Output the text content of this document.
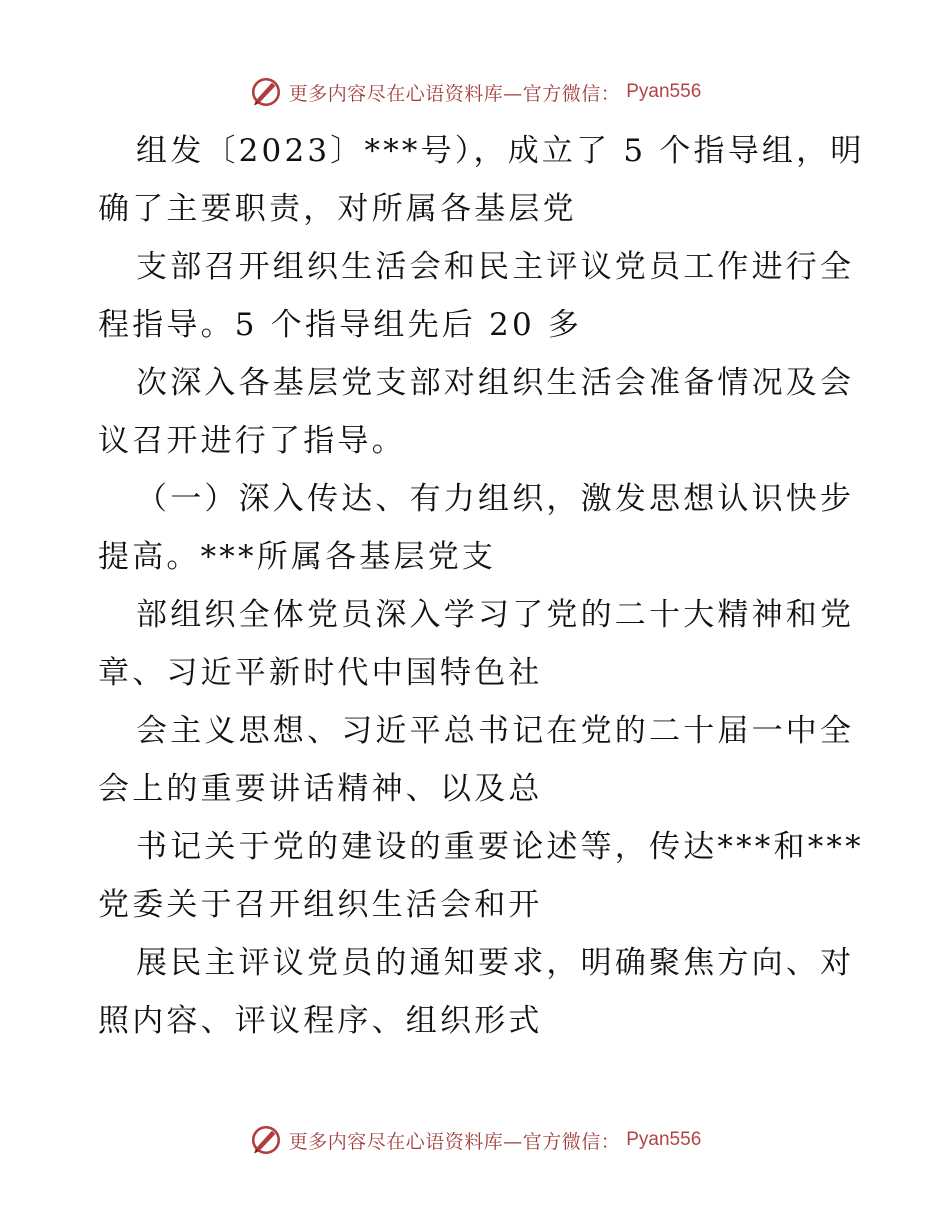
更多内容尽在心语资料库—官方微信： Pyan556
组发〔2023〕***号），成立了 5 个指导组，明
确了主要职责，对所属各基层党
支部召开组织生活会和民主评议党员工作进行全
程指导。5 个指导组先后 20 多
次深入各基层党支部对组织生活会准备情况及会
议召开进行了指导。
（一）深入传达、有力组织，激发思想认识快步
提高。***所属各基层党支
部组织全体党员深入学习了党的二十大精神和党
章、习近平新时代中国特色社
会主义思想、习近平总书记在党的二十届一中全
会上的重要讲话精神、以及总
书记关于党的建设的重要论述等，传达***和***
党委关于召开组织生活会和开
展民主评议党员的通知要求，明确聚焦方向、对
照内容、评议程序、组织形式
更多内容尽在心语资料库—官方微信： Pyan556
